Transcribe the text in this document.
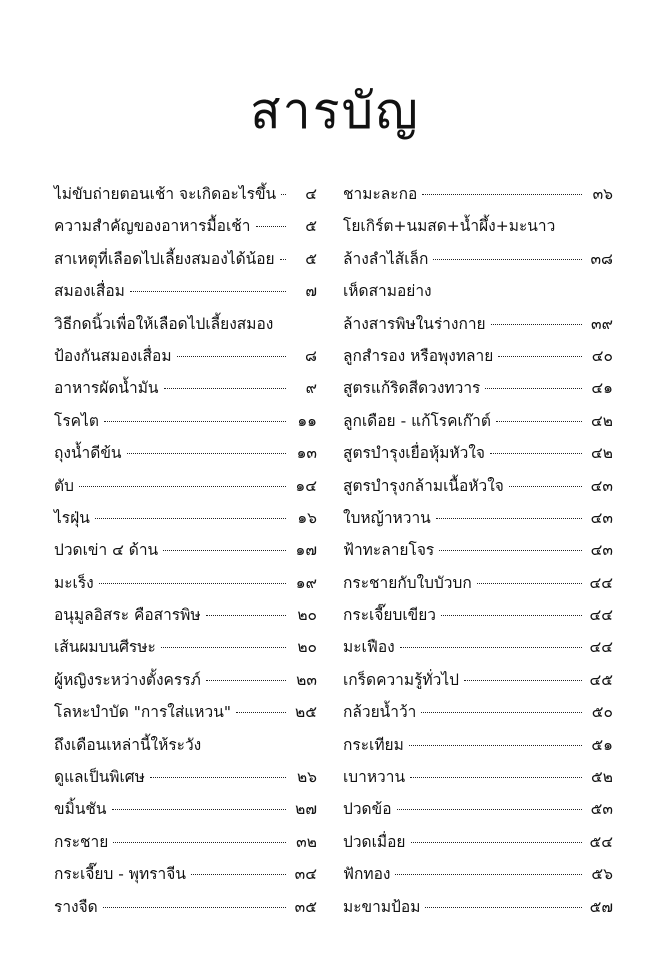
สารบัญ
ไม่ขับถ่ายตอนเช้า จะเกิดอะไรขึ้น	๔
ความสำคัญของอาหารมื้อเช้า	๕
สาเหตุที่เลือดไปเลี้ยงสมองได้น้อย	๕
สมองเสื่อม	๗
วิธีกดนิ้วเพื่อให้เลือดไปเลี้ยงสมอง
ป้องกันสมองเสื่อม	๘
อาหารผัดน้ำมัน	๙
โรคไต	๑๑
ถุงน้ำดีข้น	๑๓
ตับ	๑๔
ไรฝุ่น	๑๖
ปวดเข่า ๔ ด้าน	๑๗
มะเร็ง	๑๙
อนุมูลอิสระ คือสารพิษ	๒๐
เส้นผมบนศีรษะ	๒๐
ผู้หญิงระหว่างตั้งครรภ์	๒๓
โลหะบำบัด "การใส่แหวน"	๒๕
ถึงเดือนเหล่านี้ให้ระวัง
ดูแลเป็นพิเศษ	๒๖
ขมิ้นชัน	๒๗
กระชาย	๓๒
กระเจี๊ยบ - พุทราจีน	๓๔
รางจืด	๓๕
ชามะละกอ	๓๖
โยเกิร์ต+นมสด+น้ำผึ้ง+มะนาว
ล้างลำไส้เล็ก	๓๘
เห็ดสามอย่าง
ล้างสารพิษในร่างกาย	๓๙
ลูกสำรอง หรือพุงทลาย	๔๐
สูตรแก้ริดสีดวงทวาร	๔๑
ลูกเดือย - แก้โรคเก๊าต์	๔๒
สูตรบำรุงเยื่อหุ้มหัวใจ	๔๒
สูตรบำรุงกล้ามเนื้อหัวใจ	๔๓
ใบหญ้าหวาน	๔๓
ฟ้าทะลายโจร	๔๓
กระชายกับใบบัวบก	๔๔
กระเจี๊ยบเขียว	๔๔
มะเฟือง	๔๔
เกร็ดความรู้ทั่วไป	๔๕
กล้วยน้ำว้า	๕๐
กระเทียม	๕๑
เบาหวาน	๕๒
ปวดข้อ	๕๓
ปวดเมื่อย	๕๔
ฟักทอง	๕๖
มะขามป้อม	๕๗
